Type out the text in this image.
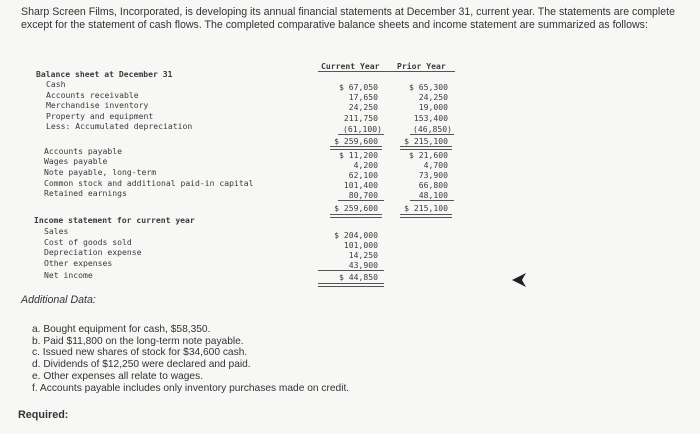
Sharp Screen Films, Incorporated, is developing its annual financial statements at December 31, current year. The statements are complete except for the statement of cash flows. The completed comparative balance sheets and income statement are summarized as follows:
Current Year Prior Year
Balance sheet at December 31
Cash	$ 67,050	$ 65,300
Accounts receivable	17,650	24,250
Merchandise inventory	24,250	19,000
Property and equipment	211,750	153,400
Less: Accumulated depreciation	(61,100)	(46,850)
$ 259,600	$ 215,100
Accounts payable	$ 11,200	$ 21,600
Wages payable	4,200	4,700
Note payable, long-term	62,100	73,900
Common stock and additional paid-in capital	101,400	66,800
Retained earnings	80,700	48,100
$ 259,600	$ 215,100
Income statement for current year
Sales	$ 204,000
Cost of goods sold	101,000
Depreciation expense	14,250
Other expenses	43,900
Net income	$ 44,850
Additional Data:
a. Bought equipment for cash, $58,350.
b. Paid $11,800 on the long-term note payable.
c. Issued new shares of stock for $34,600 cash.
d. Dividends of $12,250 were declared and paid.
e. Other expenses all relate to wages.
f. Accounts payable includes only inventory purchases made on credit.
Required:
